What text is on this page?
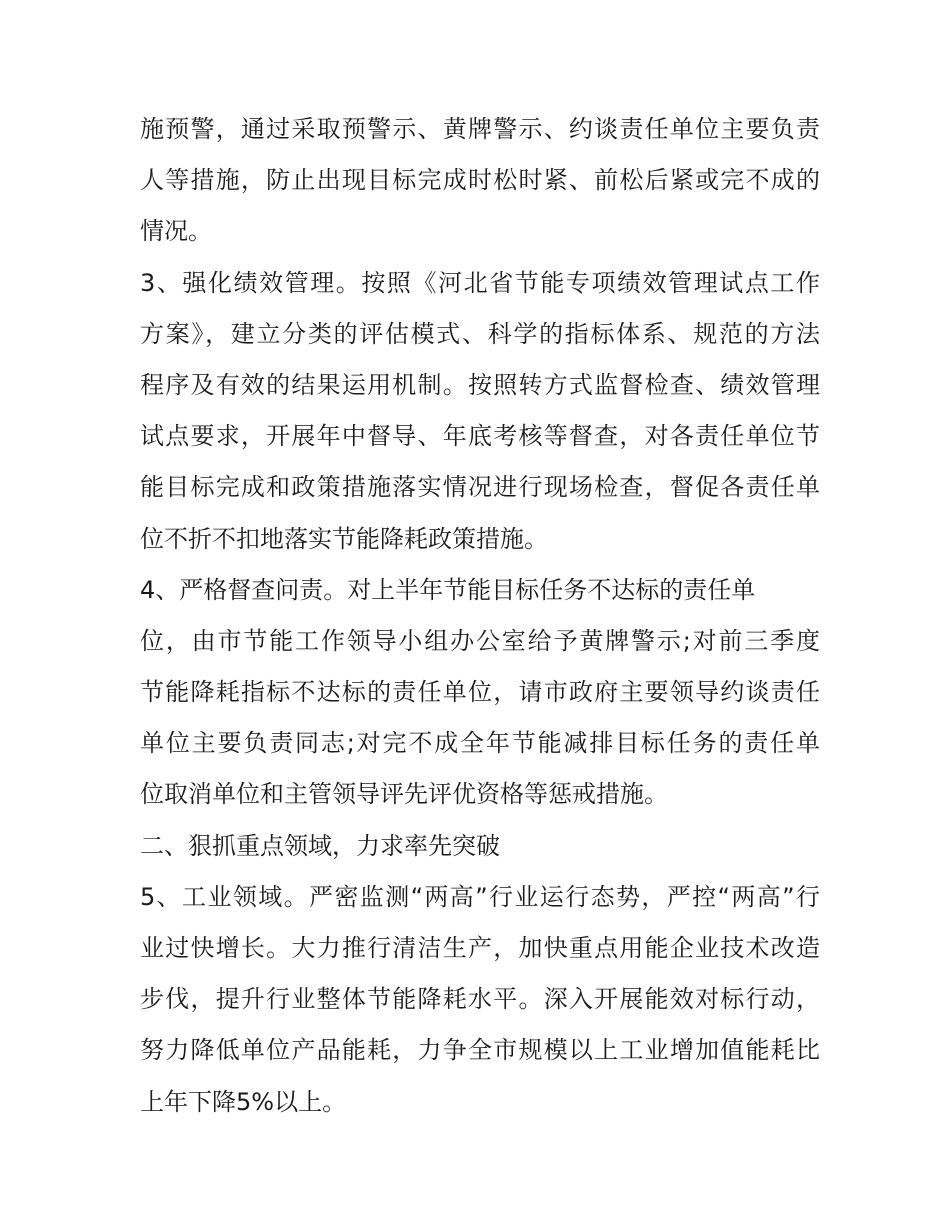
施预警，通过采取预警示、黄牌警示、约谈责任单位主要负责
人等措施，防止出现目标完成时松时紧、前松后紧或完不成的
情况。
3、强化绩效管理。按照《河北省节能专项绩效管理试点工作
方案》，建立分类的评估模式、科学的指标体系、规范的方法
程序及有效的结果运用机制。按照转方式监督检查、绩效管理
试点要求，开展年中督导、年底考核等督查，对各责任单位节
能目标完成和政策措施落实情况进行现场检查，督促各责任单
位不折不扣地落实节能降耗政策措施。
4、严格督查问责。对上半年节能目标任务不达标的责任单
位，由市节能工作领导小组办公室给予黄牌警示;对前三季度
节能降耗指标不达标的责任单位，请市政府主要领导约谈责任
单位主要负责同志;对完不成全年节能减排目标任务的责任单
位取消单位和主管领导评先评优资格等惩戒措施。
二、狠抓重点领域，力求率先突破
5、工业领域。严密监测“两高”行业运行态势，严控“两高”行
业过快增长。大力推行清洁生产，加快重点用能企业技术改造
步伐，提升行业整体节能降耗水平。深入开展能效对标行动，
努力降低单位产品能耗，力争全市规模以上工业增加值能耗比
上年下降5%以上。
